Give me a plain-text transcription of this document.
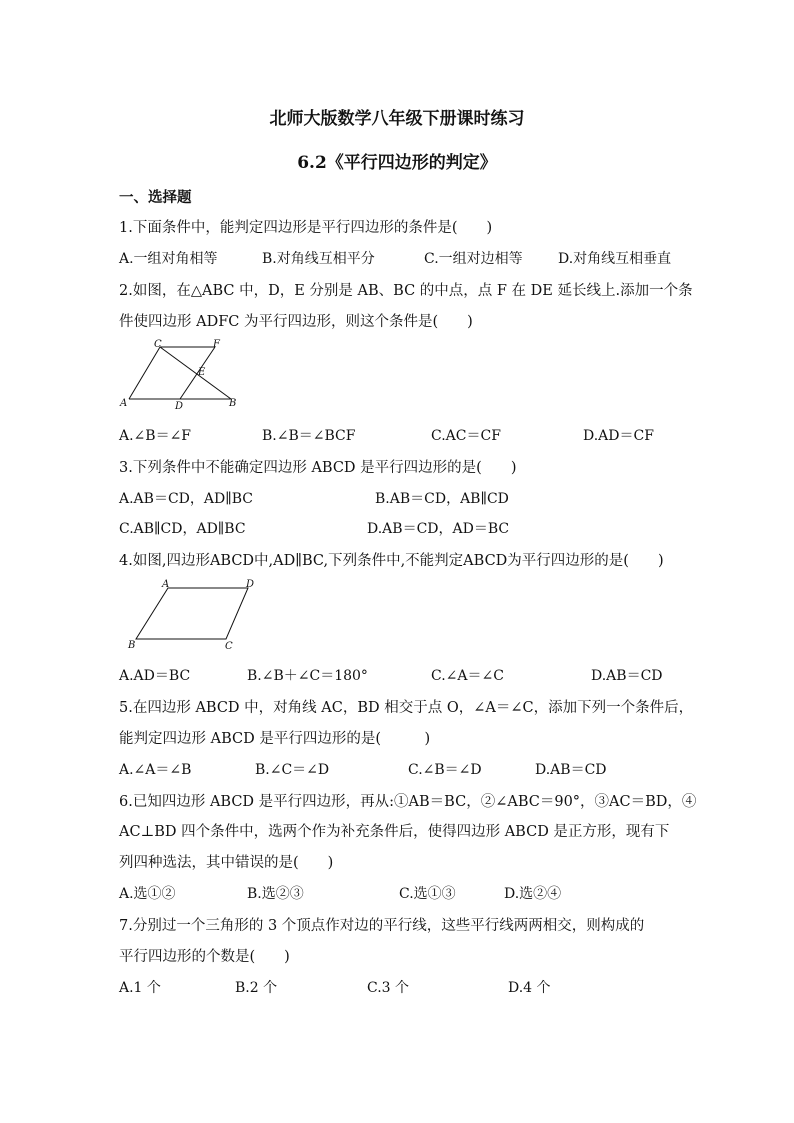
北师大版数学八年级下册课时练习
6.2《平行四边形的判定》
一、选择题
1.下面条件中，能判定四边形是平行四边形的条件是(　　)
A.一组对角相等	B.对角线互相平分	C.一组对边相等	D.对角线互相垂直
2.如图，在△ABC 中，D，E 分别是 AB、BC 的中点，点 F 在 DE 延长线上.添加一个条
件使四边形 ADFC 为平行四边形，则这个条件是(　　)
C	F
E
A	D	B
A.∠B＝∠F	B.∠B＝∠BCF	C.AC＝CF	D.AD＝CF
3.下列条件中不能确定四边形 ABCD 是平行四边形的是(　　)
A.AB＝CD，AD∥BC	B.AB＝CD，AB∥CD
C.AB∥CD，AD∥BC	D.AB＝CD，AD＝BC
4.如图,四边形ABCD中,AD∥BC,下列条件中,不能判定ABCD为平行四边形的是(　　)
A	D
B	C
A.AD＝BC	B.∠B＋∠C＝180°	C.∠A＝∠C	D.AB＝CD
5.在四边形 ABCD 中，对角线 AC，BD 相交于点 O，∠A＝∠C，添加下列一个条件后，
能判定四边形 ABCD 是平行四边形的是(　　　)
A.∠A＝∠B	B.∠C＝∠D	C.∠B＝∠D	D.AB＝CD
6.已知四边形 ABCD 是平行四边形，再从:①AB＝BC，②∠ABC＝90°，③AC＝BD，④
AC⊥BD 四个条件中，选两个作为补充条件后，使得四边形 ABCD 是正方形，现有下
列四种选法，其中错误的是(　　)
A.选①②	B.选②③	C.选①③	D.选②④
7.分别过一个三角形的 3 个顶点作对边的平行线，这些平行线两两相交，则构成的
平行四边形的个数是(　　)
A.1 个	B.2 个	C.3 个	D.4 个
